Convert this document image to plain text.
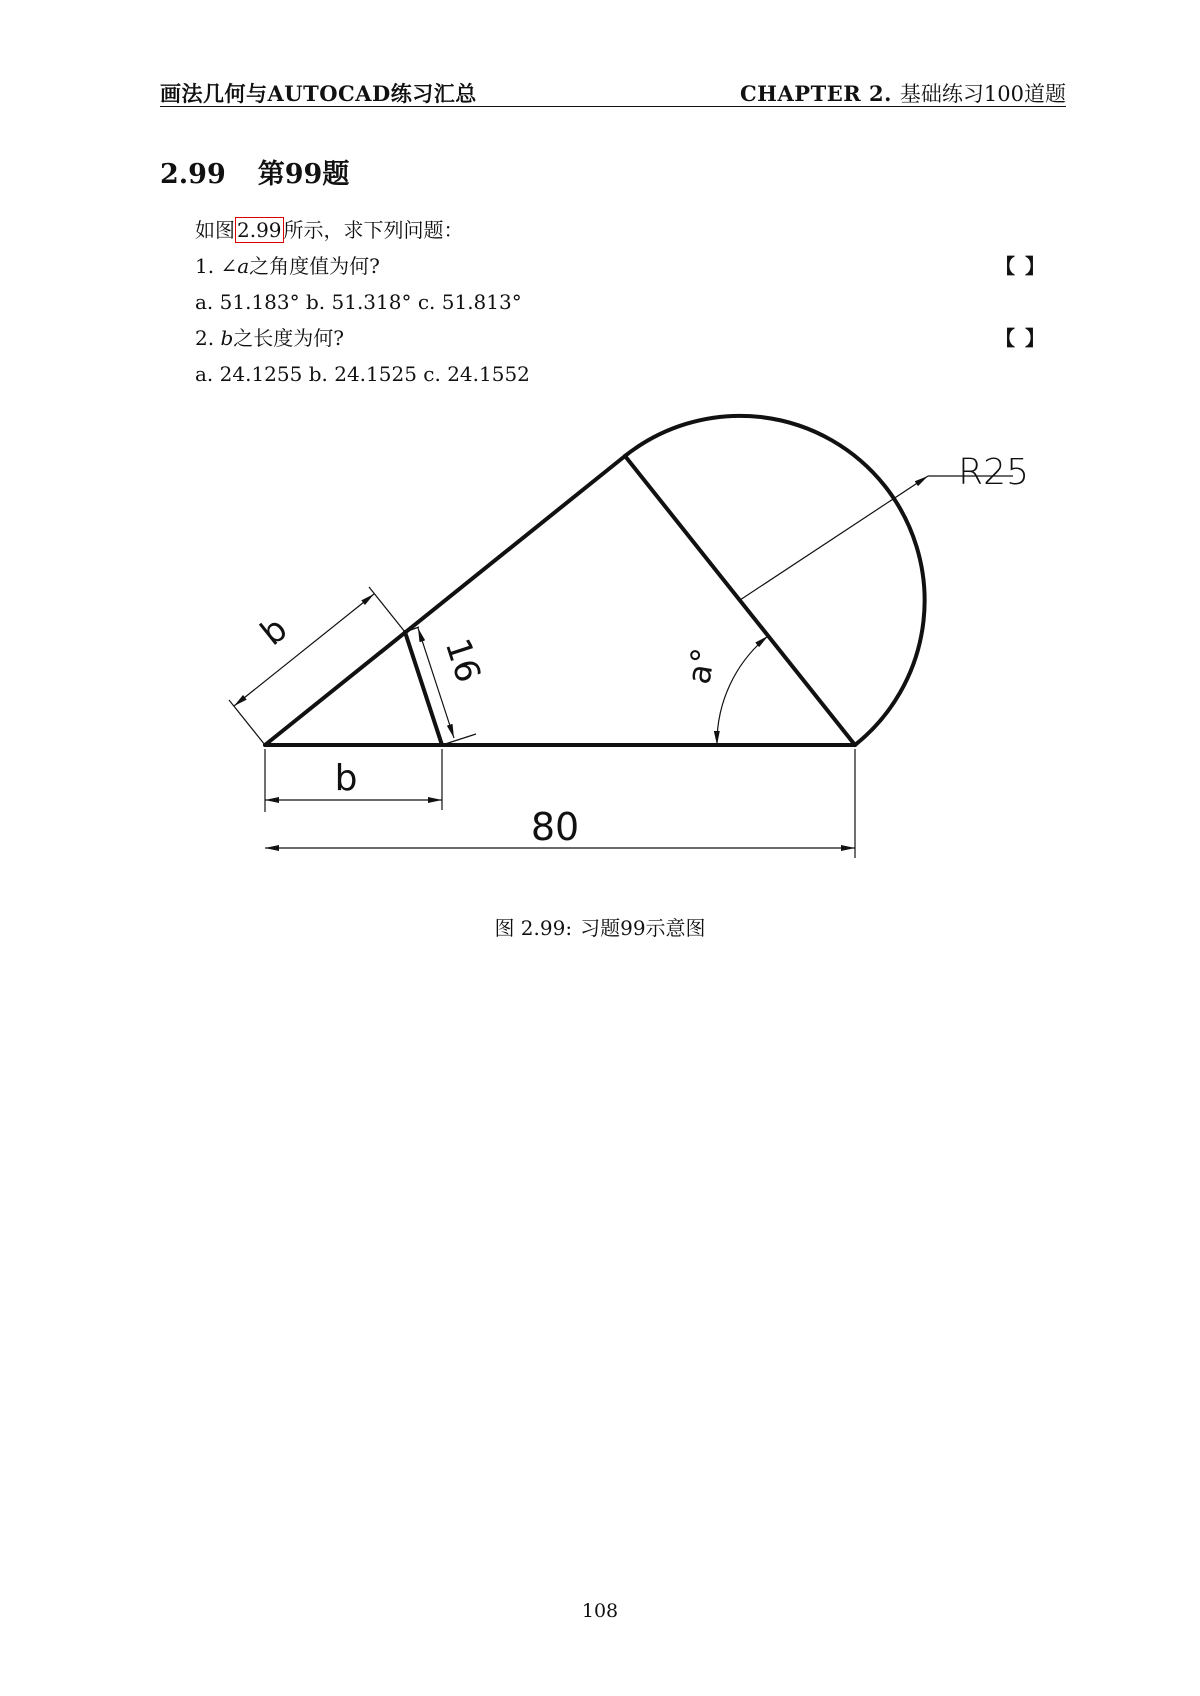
画法几何与AUTOCAD练习汇总	CHAPTER 2. 基础练习100道题
2.99 第99题
如图 2.99 所示，求下列问题：
1. ∠a之角度值为何?	【】
a. 51.183° b. 51.318° c. 51.813°
2. b之长度为何?	【】
a. 24.1255 b. 24.1525 c. 24.1552
R25
b
b
16	a°
80
图 2.99: 习题99示意图
108
